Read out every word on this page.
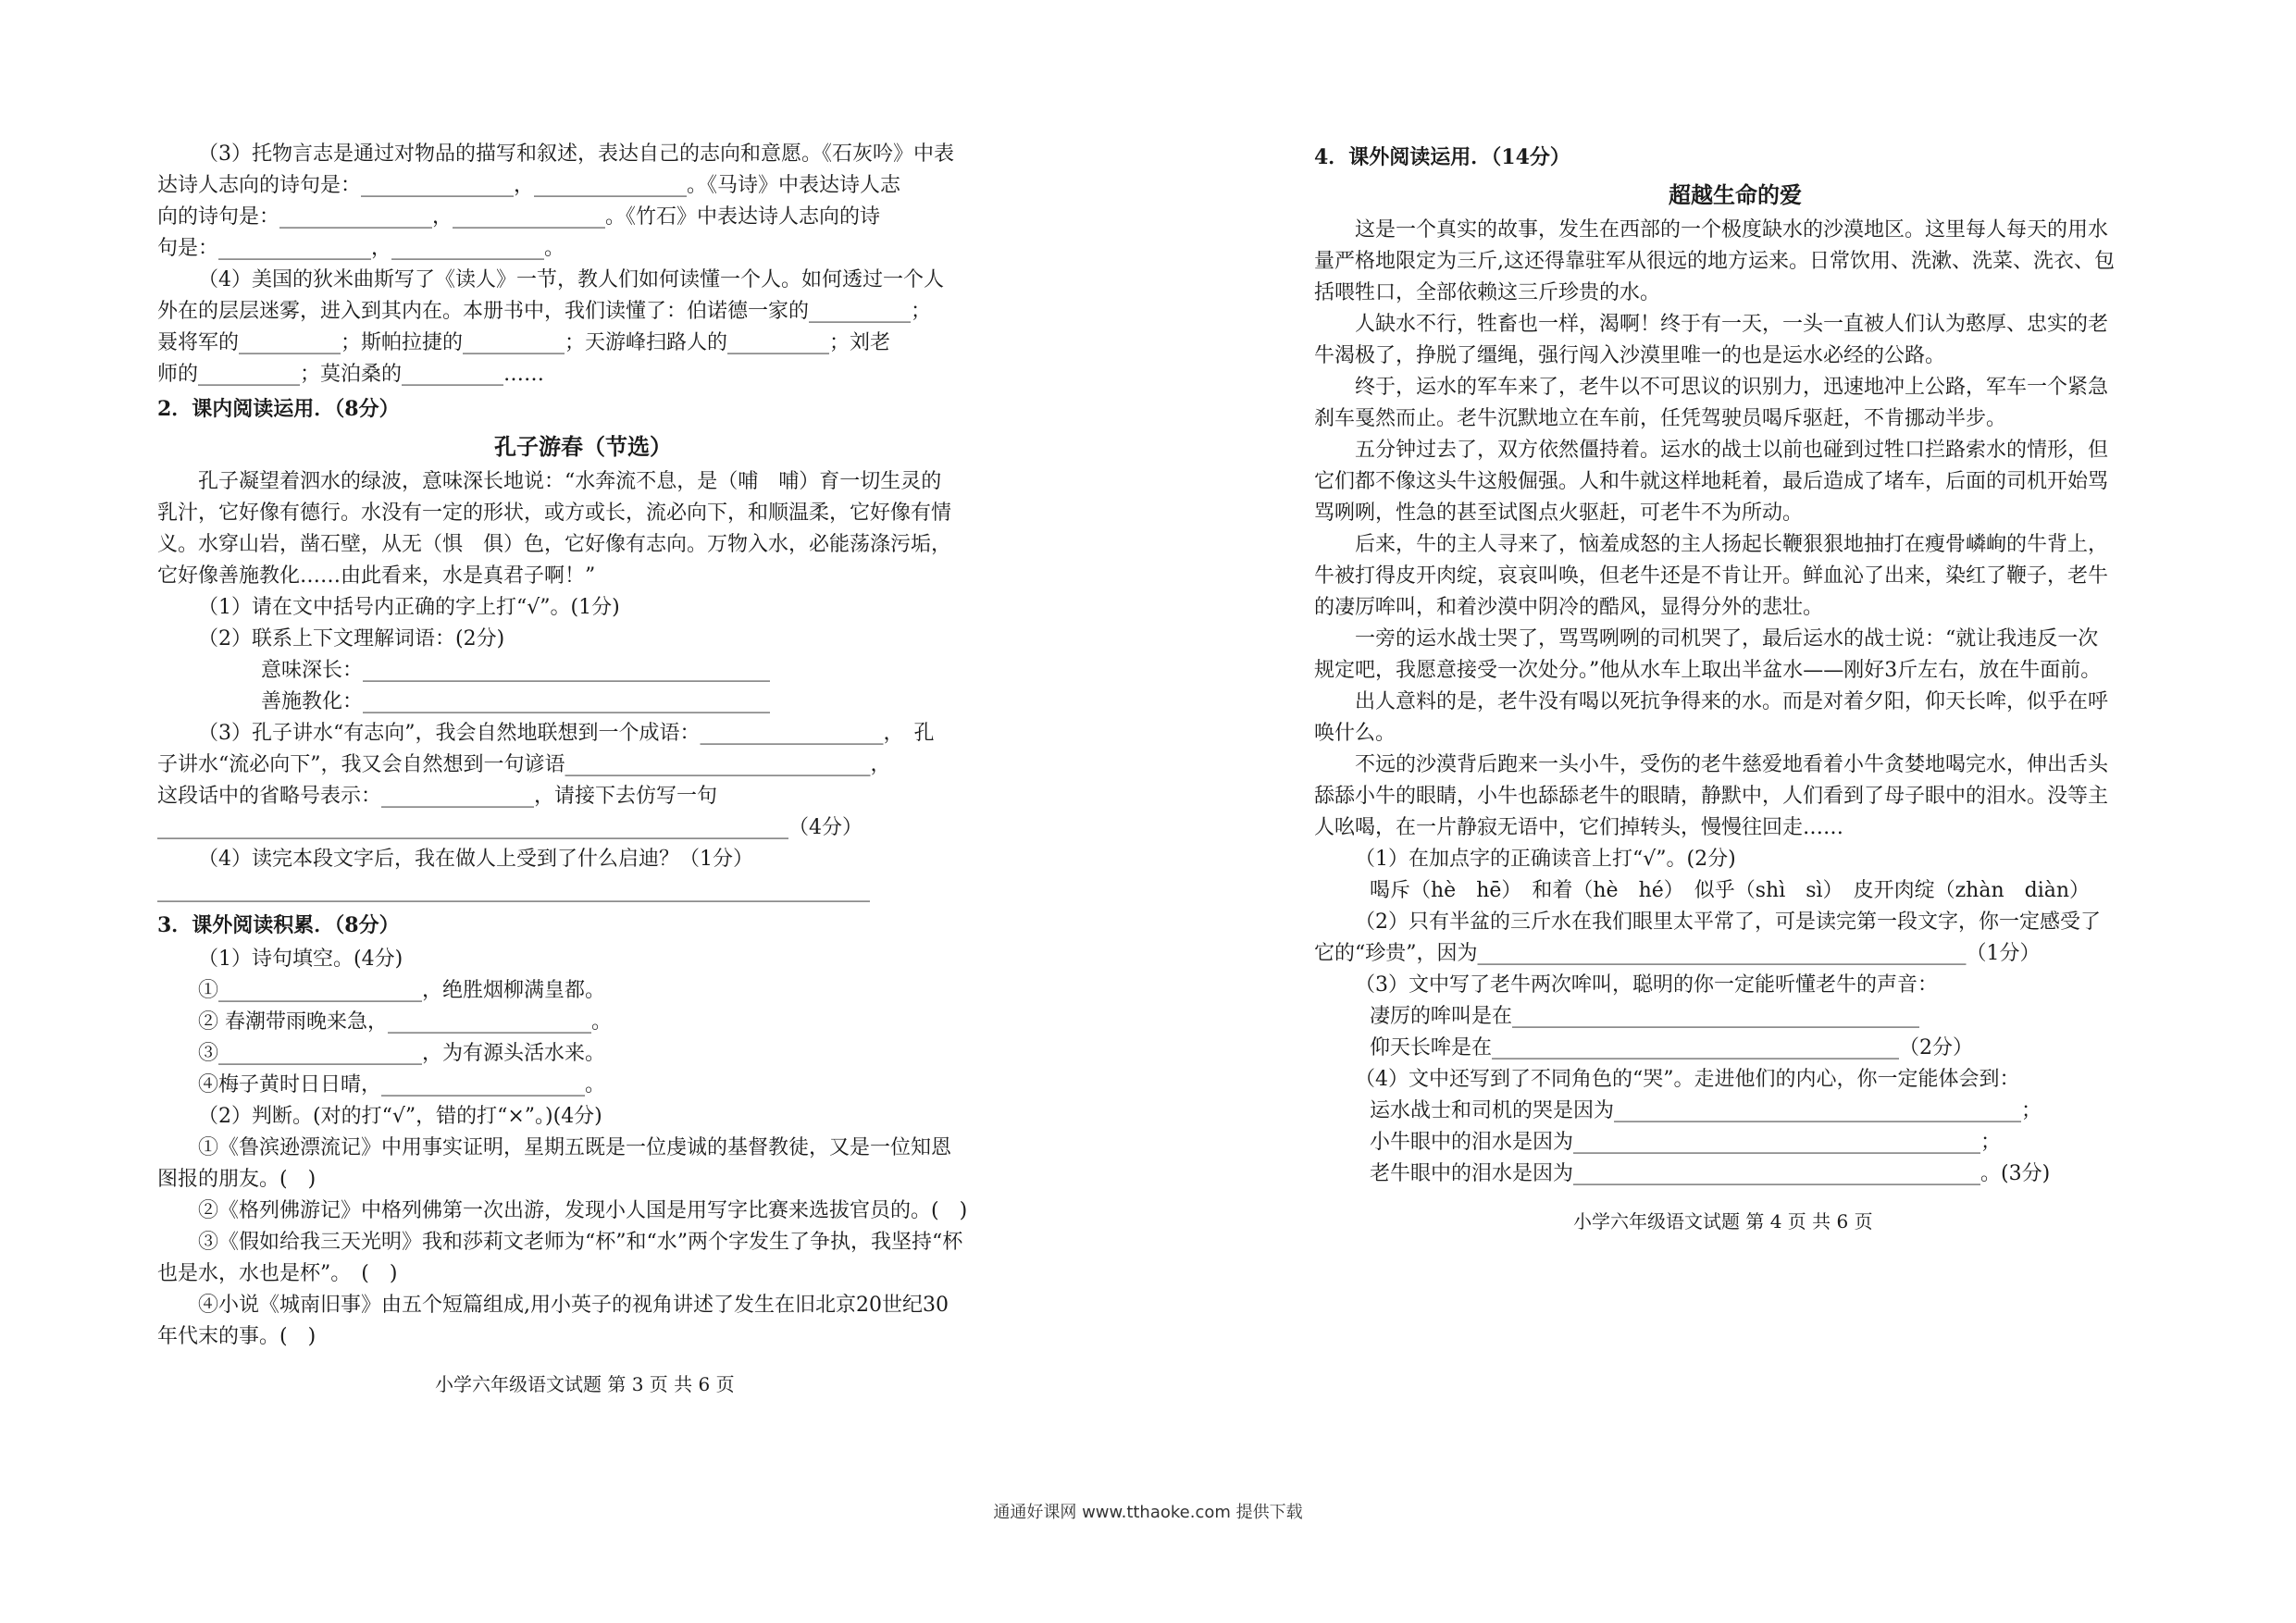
（3）托物言志是通过对物品的描写和叙述，表达自己的志向和意愿。《石灰吟》中表

达诗人志向的诗句是：_______________，_______________。《马诗》中表达诗人志

向的诗句是：_______________，_______________。《竹石》中表达诗人志向的诗

句是：_______________，_______________。

（4）美国的狄米曲斯写了《读人》一节，教人们如何读懂一个人。如何透过一个人

外在的层层迷雾，进入到其内在。本册书中，我们读懂了：伯诺德一家的__________；

聂将军的__________；斯帕拉捷的__________；天游峰扫路人的__________；刘老

师的__________；莫泊桑的__________……

2．课内阅读运用．（8分）

孔子游春（节选）

孔子凝望着泗水的绿波，意味深长地说：“水奔流不息，是（哺　哺）育一切生灵的

乳汁，它好像有德行。水没有一定的形状，或方或长，流必向下，和顺温柔，它好像有情

义。水穿山岩，凿石壁，从无（惧　俱）色，它好像有志向。万物入水，必能荡涤污垢，

它好像善施教化……由此看来，水是真君子啊！”

（1）请在文中括号内正确的字上打“√”。(1分)

（2）联系上下文理解词语：(2分)

意味深长：________________________________________

善施教化：________________________________________

（3）孔子讲水“有志向”，我会自然地联想到一个成语：__________________，　孔

子讲水“流必向下”，我又会自然想到一句谚语______________________________，

这段话中的省略号表示：_______________，请接下去仿写一句

______________________________________________________________（4分）

（4）读完本段文字后，我在做人上受到了什么启迪？（1分）

______________________________________________________________________

3．课外阅读积累．（8分）

（1）诗句填空。(4分)

①____________________，绝胜烟柳满皇都。

② 春潮带雨晚来急，____________________。

③____________________，为有源头活水来。

④梅子黄时日日晴，____________________。

（2）判断。(对的打“√”，错的打“×”。)(4分)

①《鲁滨逊漂流记》中用事实证明，星期五既是一位虔诚的基督教徒，又是一位知恩

图报的朋友。(　)

②《格列佛游记》中格列佛第一次出游，发现小人国是用写字比赛来选拔官员的。(　)

③《假如给我三天光明》我和莎莉文老师为“杯”和“水”两个字发生了争执，我坚持“杯

也是水，水也是杯”。　(　)

④小说《城南旧事》由五个短篇组成,用小英子的视角讲述了发生在旧北京20世纪30

年代末的事。(　)

小学六年级语文试题 第 3 页 共 6 页

4．课外阅读运用．（14分）

超越生命的爱

这是一个真实的故事，发生在西部的一个极度缺水的沙漠地区。这里每人每天的用水

量严格地限定为三斤,这还得靠驻军从很远的地方运来。日常饮用、洗漱、洗菜、洗衣、包

括喂牲口，全部依赖这三斤珍贵的水。

人缺水不行，牲畜也一样，渴啊！终于有一天，一头一直被人们认为憨厚、忠实的老

牛渴极了，挣脱了缰绳，强行闯入沙漠里唯一的也是运水必经的公路。

终于，运水的军车来了，老牛以不可思议的识别力，迅速地冲上公路，军车一个紧急

刹车戛然而止。老牛沉默地立在车前，任凭驾驶员喝斥驱赶，不肯挪动半步。

五分钟过去了，双方依然僵持着。运水的战士以前也碰到过牲口拦路索水的情形，但

它们都不像这头牛这般倔强。人和牛就这样地耗着，最后造成了堵车，后面的司机开始骂

骂咧咧，性急的甚至试图点火驱赶，可老牛不为所动。

后来，牛的主人寻来了，恼羞成怒的主人扬起长鞭狠狠地抽打在瘦骨嶙峋的牛背上，

牛被打得皮开肉绽，哀哀叫唤，但老牛还是不肯让开。鲜血沁了出来，染红了鞭子，老牛

的凄厉哞叫，和着沙漠中阴冷的酷风，显得分外的悲壮。

一旁的运水战士哭了，骂骂咧咧的司机哭了，最后运水的战士说：“就让我违反一次

规定吧，我愿意接受一次处分。”他从水车上取出半盆水——刚好3斤左右，放在牛面前。

出人意料的是，老牛没有喝以死抗争得来的水。而是对着夕阳，仰天长哞，似乎在呼

唤什么。

不远的沙漠背后跑来一头小牛，受伤的老牛慈爱地看着小牛贪婪地喝完水，伸出舌头

舔舔小牛的眼睛，小牛也舔舔老牛的眼睛，静默中，人们看到了母子眼中的泪水。没等主

人吆喝，在一片静寂无语中，它们掉转头，慢慢往回走……

（1）在加点字的正确读音上打“√”。(2分)

喝斥（hè　hē）　和着（hè　hé）　似乎（shì　sì）　皮开肉绽（zhàn　diàn）

（2）只有半盆的三斤水在我们眼里太平常了，可是读完第一段文字，你一定感受了

它的“珍贵”，因为________________________________________________（1分）

（3）文中写了老牛两次哞叫，聪明的你一定能听懂老牛的声音：

凄厉的哞叫是在________________________________________

仰天长哞是在________________________________________（2分）

（4）文中还写到了不同角色的“哭”。走进他们的内心，你一定能体会到：

运水战士和司机的哭是因为________________________________________；

小牛眼中的泪水是因为________________________________________；

老牛眼中的泪水是因为________________________________________。(3分)

小学六年级语文试题 第 4 页 共 6 页

通通好课网 www.tthaoke.com 提供下载
